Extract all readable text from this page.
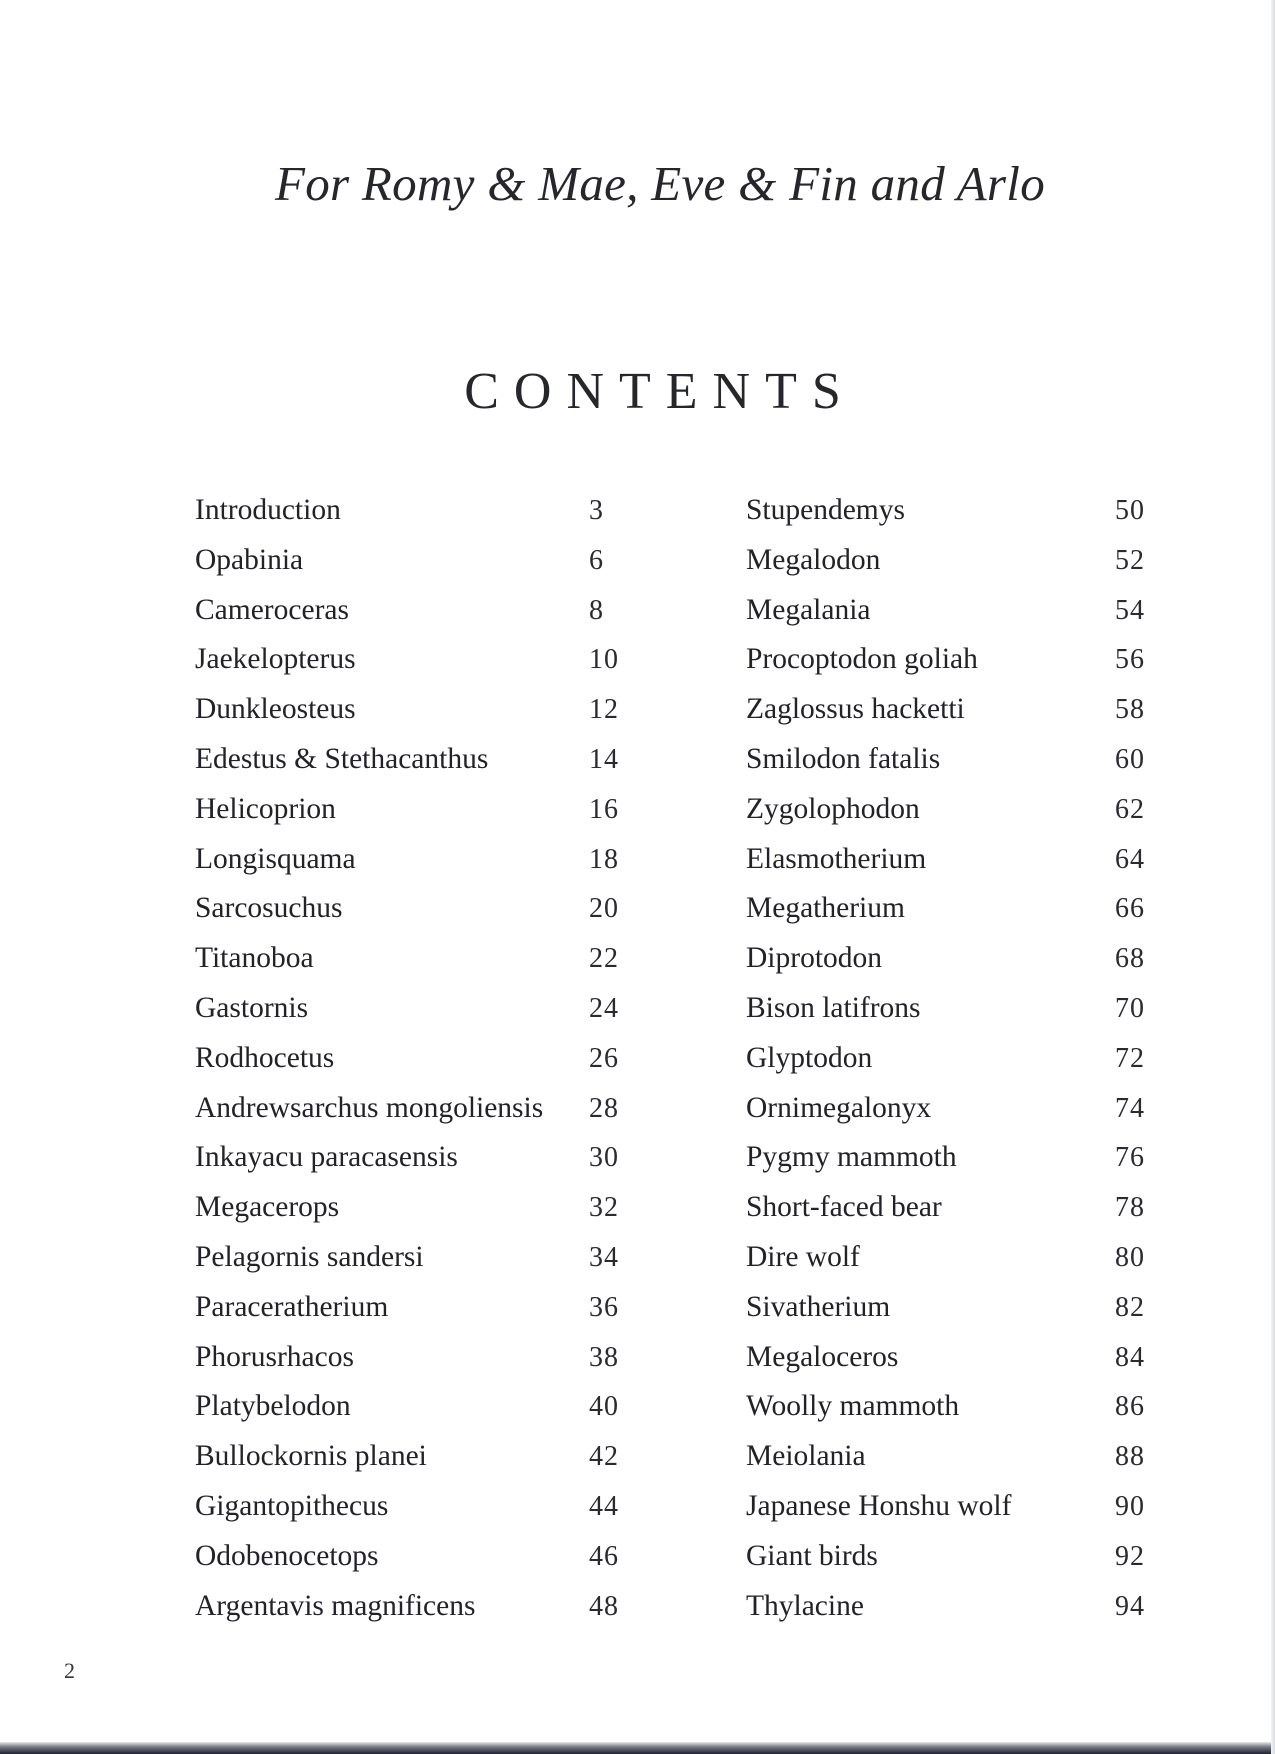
For Romy & Mae, Eve & Fin and Arlo
CONTENTS
Introduction	3
Opabinia	6
Cameroceras	8
Jaekelopterus	10
Dunkleosteus	12
Edestus & Stethacanthus	14
Helicoprion	16
Longisquama	18
Sarcosuchus	20
Titanoboa	22
Gastornis	24
Rodhocetus	26
Andrewsarchus mongoliensis 28
Inkayacu paracasensis	30
Megacerops	32
Pelagornis sandersi	34
Paraceratherium	36
Phorusrhacos	38
Platybelodon	40
Bullockornis planei	42
Gigantopithecus	44
Odobenocetops	46
Argentavis magnificens	48
Stupendemys	50
Megalodon	52
Megalania	54
Procoptodon goliah	56
Zaglossus hacketti	58
Smilodon fatalis	60
Zygolophodon	62
Elasmotherium	64
Megatherium	66
Diprotodon	68
Bison latifrons	70
Glyptodon	72
Ornimegalonyx	74
Pygmy mammoth	76
Short-faced bear	78
Dire wolf	80
Sivatherium	82
Megaloceros	84
Woolly mammoth	86
Meiolania	88
Japanese Honshu wolf	90
Giant birds	92
Thylacine	94
2
